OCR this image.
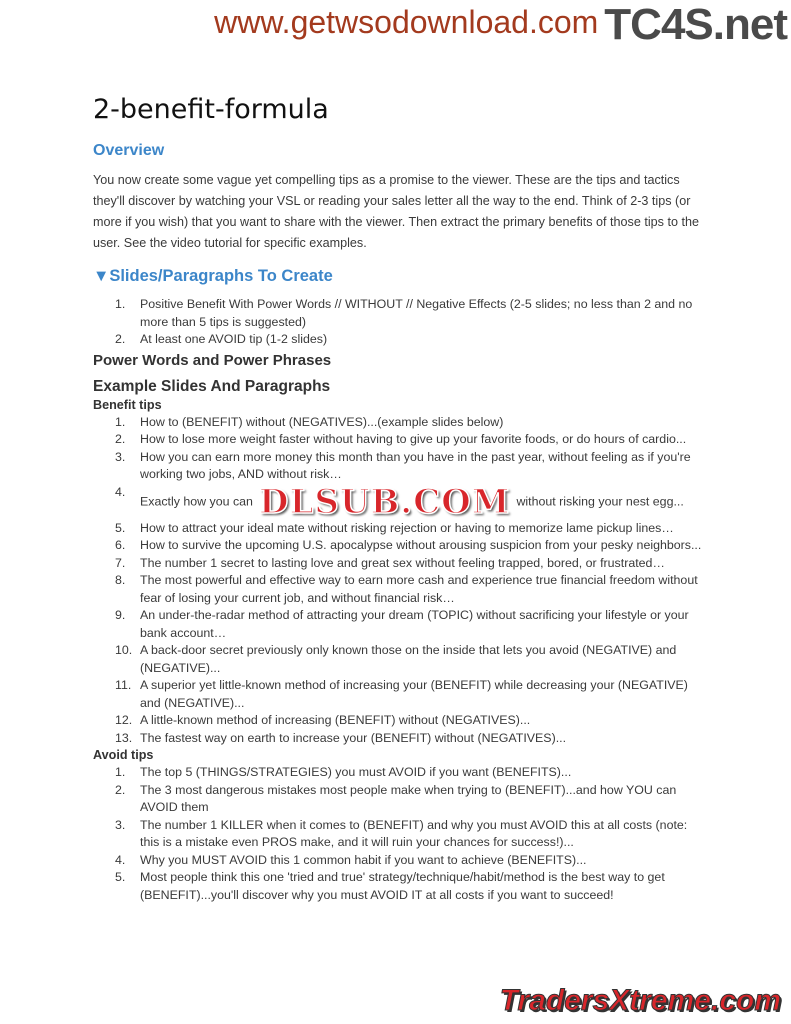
www.getwsodownload.com TC4S.net
2-benefit-formula
Overview
You now create some vague yet compelling tips as a promise to the viewer. These are the tips and tactics they'll discover by watching your VSL or reading your sales letter all the way to the end. Think of 2-3 tips (or more if you wish) that you want to share with the viewer. Then extract the primary benefits of those tips to the user. See the video tutorial for specific examples.
▼Slides/Paragraphs To Create
1. Positive Benefit With Power Words // WITHOUT // Negative Effects (2-5 slides; no less than 2 and no more than 5 tips is suggested)
2. At least one AVOID tip (1-2 slides)
Power Words and Power Phrases
Example Slides And Paragraphs
Benefit tips
1. How to (BENEFIT) without (NEGATIVES)...(example slides below)
2. How to lose more weight faster without having to give up your favorite foods, or do hours of cardio...
3. How you can earn more money this month than you have in the past year, without feeling as if you're working two jobs, AND without risk…
4.
Exactly how you can DLSUB.COM without risking your nest egg...
5. How to attract your ideal mate without risking rejection or having to memorize lame pickup lines…
6. How to survive the upcoming U.S. apocalypse without arousing suspicion from your pesky neighbors...
7. The number 1 secret to lasting love and great sex without feeling trapped, bored, or frustrated…
8. The most powerful and effective way to earn more cash and experience true financial freedom without fear of losing your current job, and without financial risk…
9. An under-the-radar method of attracting your dream (TOPIC) without sacrificing your lifestyle or your bank account…
10. A back-door secret previously only known those on the inside that lets you avoid (NEGATIVE) and (NEGATIVE)...
11. A superior yet little-known method of increasing your (BENEFIT) while decreasing your (NEGATIVE) and (NEGATIVE)...
12. A little-known method of increasing (BENEFIT) without (NEGATIVES)...
13. The fastest way on earth to increase your (BENEFIT) without (NEGATIVES)...
Avoid tips
1. The top 5 (THINGS/STRATEGIES) you must AVOID if you want (BENEFITS)...
2. The 3 most dangerous mistakes most people make when trying to (BENEFIT)...and how YOU can AVOID them
3. The number 1 KILLER when it comes to (BENEFIT) and why you must AVOID this at all costs (note: this is a mistake even PROS make, and it will ruin your chances for success!)...
4. Why you MUST AVOID this 1 common habit if you want to achieve (BENEFITS)...
5. Most people think this one 'tried and true' strategy/technique/habit/method is the best way to get (BENEFIT)...you'll discover why you must AVOID IT at all costs if you want to succeed!
TradersXtreme.com
